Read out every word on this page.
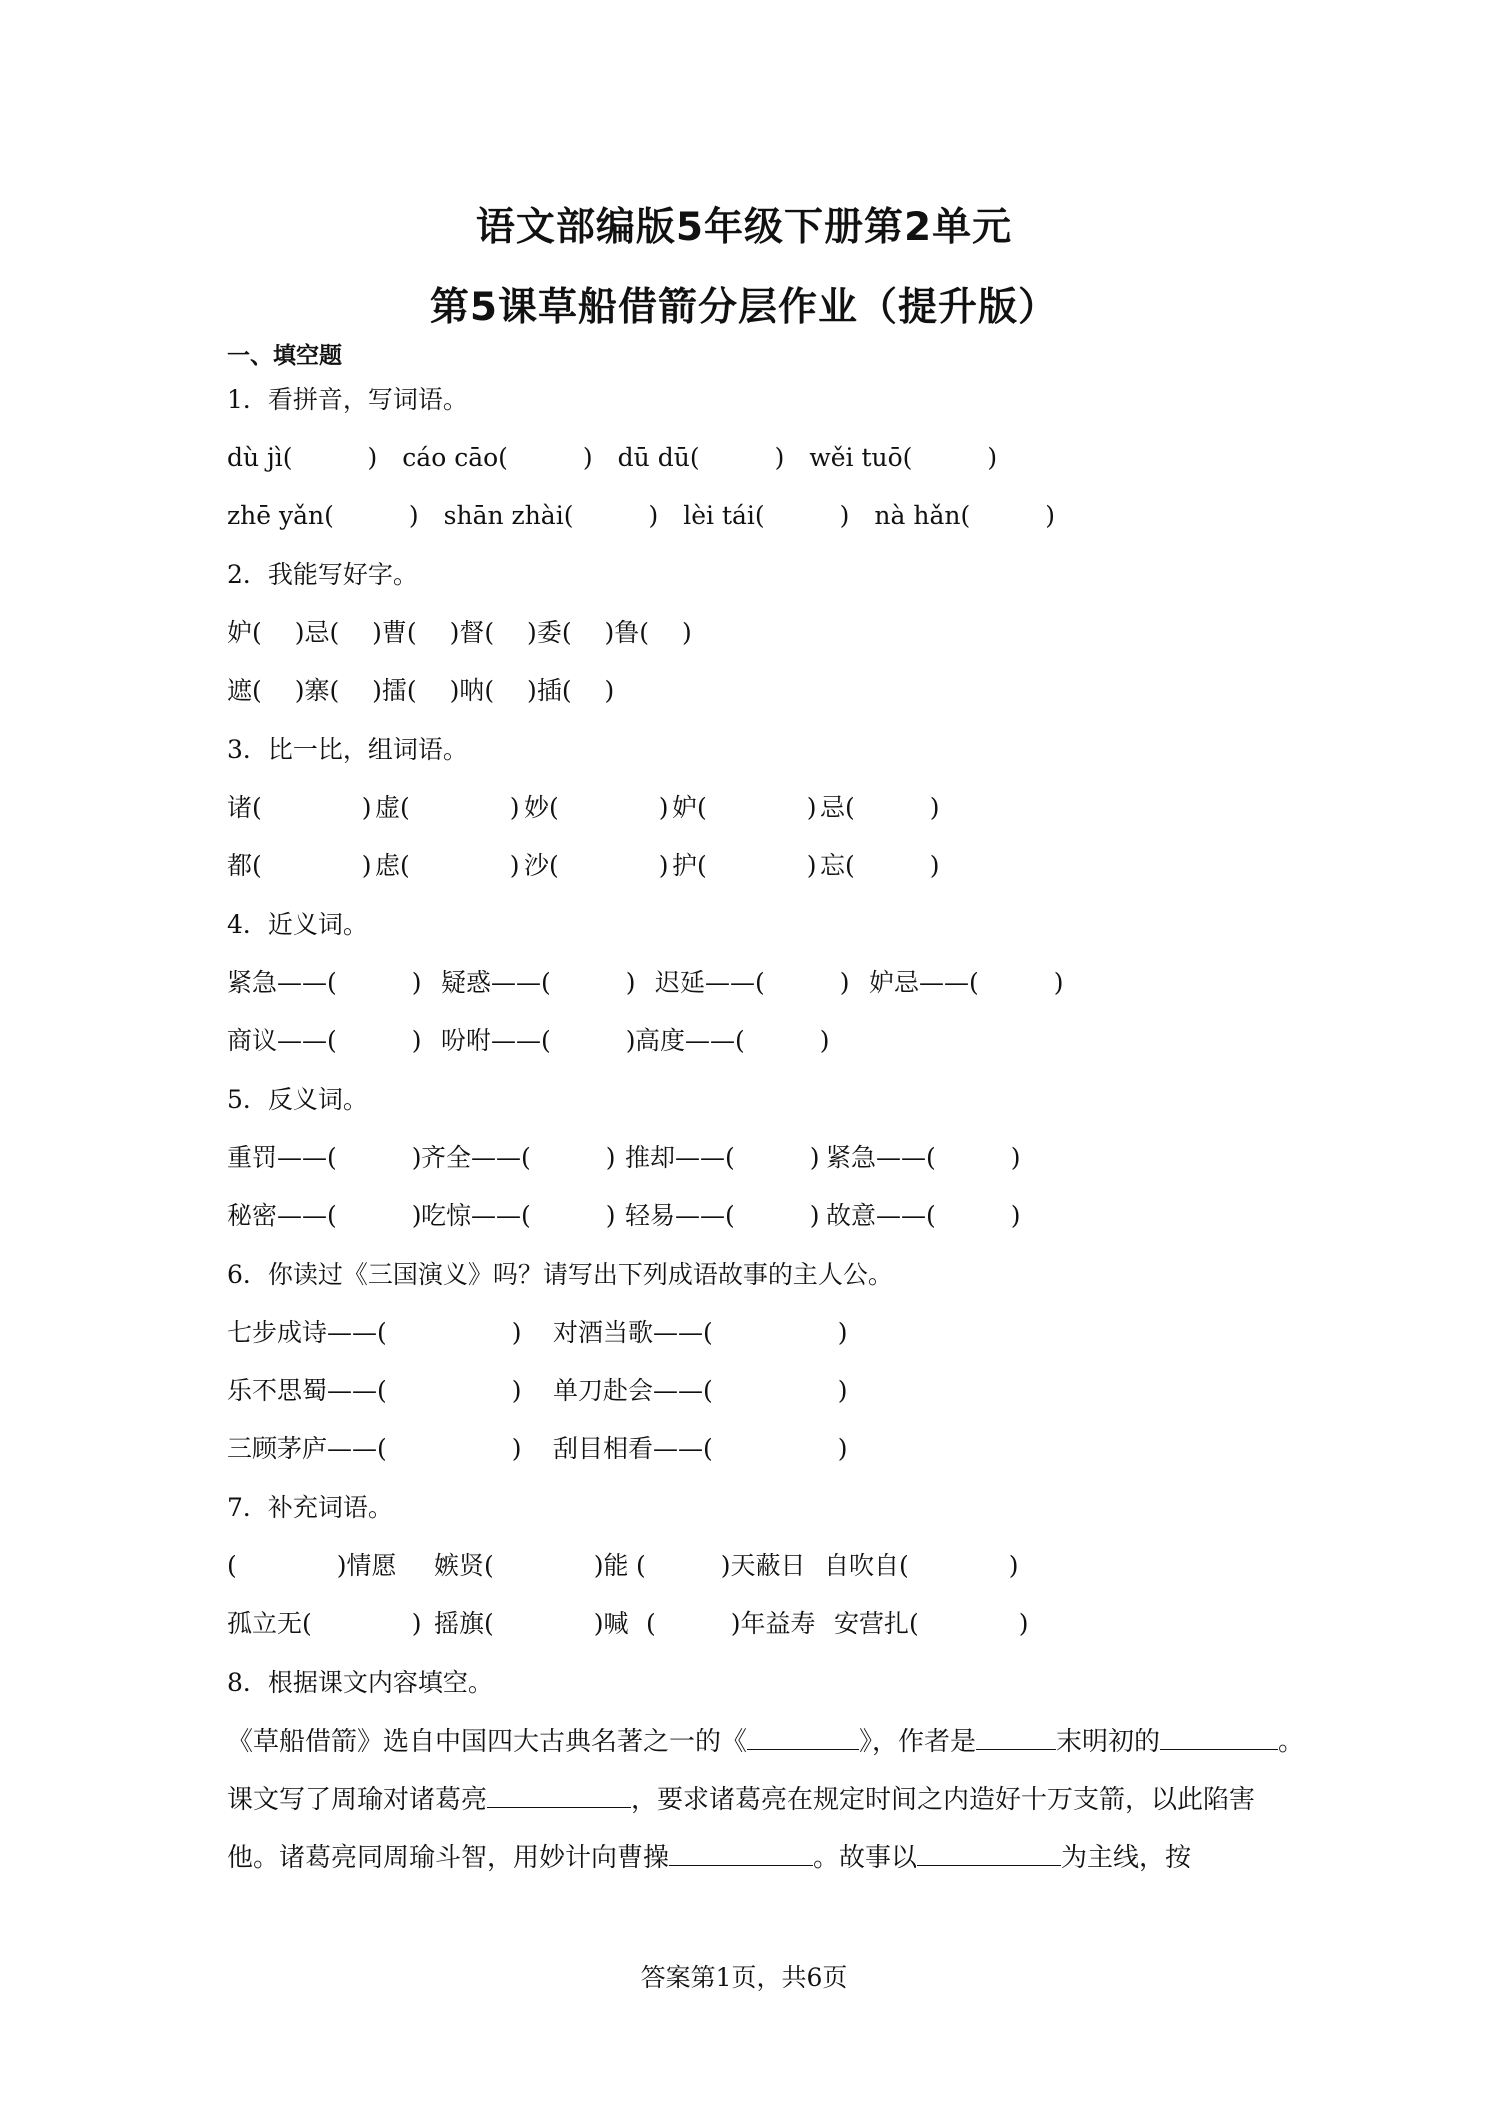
语文部编版5年级下册第2单元
第5课草船借箭分层作业（提升版）
一、填空题
1．看拼音，写词语。
dù jì(　　　)　cáo cāo(　　　)　dū dū(　　　)　wěi tuō(　　　)
zhē yǎn(　　　)　shān zhài(　　　)　lèi tái(　　　)　nà hǎn(　　　)
2．我能写好字。
妒(　 )忌(　 )曹(　 )督(　 )委(　 )鲁(　 )
遮(　 )寨(　 )擂(　 )呐(　 )插(　 )
3．比一比，组词语。
诸(　　　　) 虚(　　　　) 妙(　　　　) 妒(　　　　) 忌(　　　)
都(　　　　) 虑(　　　　) 沙(　　　　) 护(　　　　) 忘(　　　)
4．近义词。
紧急——(　　　) 疑惑——(　　　) 迟延——(　　　) 妒忌——(　　　)
商议——(　　　) 吩咐——(　　　) 高度——(　　　)
5．反义词。
重罚——(　　　) 齐全——(　　　) 推却——(　　　) 紧急——(　　　)
秘密——(　　　) 吃惊——(　　　) 轻易——(　　　) 故意——(　　　)
6．你读过《三国演义》吗？请写出下列成语故事的主人公。
七步成诗——(　　　　　) 对酒当歌——(　　　　　)
乐不思蜀——(　　　　　) 单刀赴会——(　　　　　)
三顾茅庐——(　　　　　) 刮目相看——(　　　　　)
7．补充词语。
(　　　　)情愿 嫉贤(　　　　)能 (　　　)天蔽日 自吹自(　　　　)
孤立无(　　　　) 摇旗(　　　　)喊 (　　　)年益寿 安营扎(　　　　)
8．根据课文内容填空。
《草船借箭》选自中国四大古典名著之一的《	》，作者是	末明初的	。
课文写了周瑜对诸葛亮	，要求诸葛亮在规定时间之内造好十万支箭，以此陷害
他。诸葛亮同周瑜斗智，用妙计向曹操	。故事以	为主线，按
答案第1页，共6页
